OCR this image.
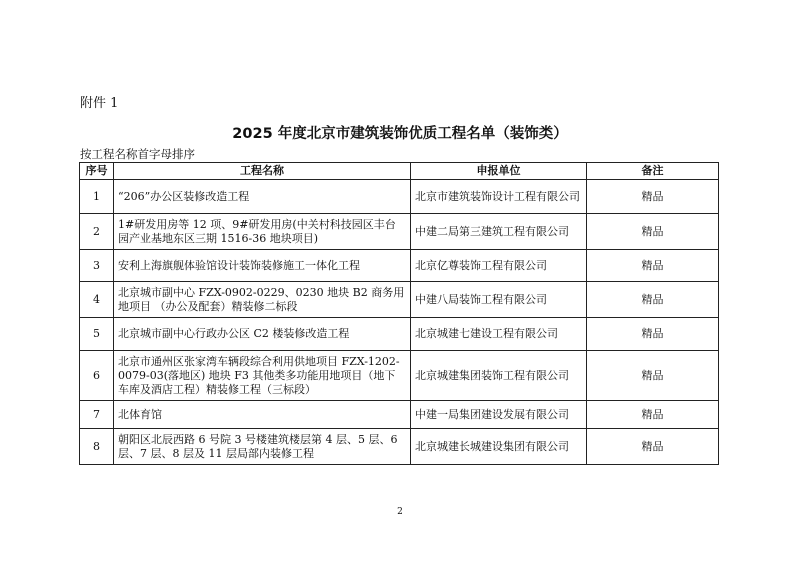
附件 1
2025 年度北京市建筑装饰优质工程名单（装饰类）
按工程名称首字母排序
序号	工程名称	申报单位	备注
1	“206”办公区装修改造工程	北京市建筑装饰设计工程有限公司	精品
2	1#研发用房等 12 项、9#研发用房(中关村科技园区丰台园产业基地东区三期 1516-36 地块项目)	中建二局第三建筑工程有限公司	精品
3	安利上海旗舰体验馆设计装饰装修施工一体化工程	北京亿尊装饰工程有限公司	精品
4	北京城市副中心 FZX-0902-0229、0230 地块 B2 商务用地项目 （办公及配套）精装修二标段	中建八局装饰工程有限公司	精品
5	北京城市副中心行政办公区 C2 楼装修改造工程	北京城建七建设工程有限公司	精品
6	北京市通州区张家湾车辆段综合利用供地项目 FZX-1202-0079-03(落地区) 地块 F3 其他类多功能用地项目（地下车库及酒店工程）精装修工程（三标段）	北京城建集团装饰工程有限公司	精品
7	北体育馆	中建一局集团建设发展有限公司	精品
8	朝阳区北辰西路 6 号院 3 号楼建筑楼层第 4 层、5 层、6 层、7 层、8 层及 11 层局部内装修工程	北京城建长城建设集团有限公司	精品
2
